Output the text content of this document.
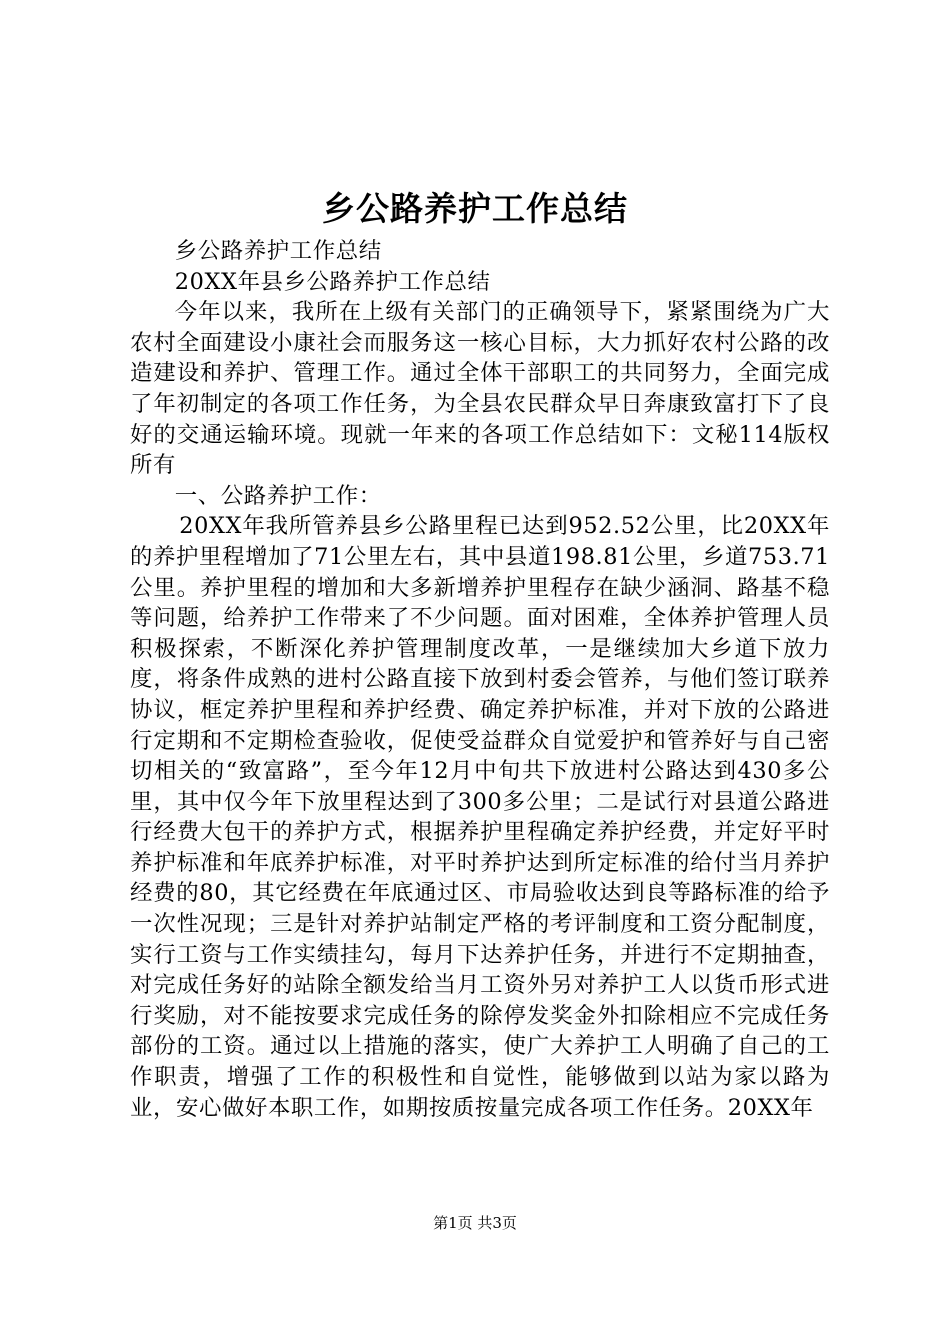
乡公路养护工作总结

乡公路养护工作总结

20XX年县乡公路养护工作总结

今年以来，我所在上级有关部门的正确领导下，紧紧围绕为广大农村全面建设小康社会而服务这一核心目标，大力抓好农村公路的改造建设和养护、管理工作。通过全体干部职工的共同努力，全面完成了年初制定的各项工作任务，为全县农民群众早日奔康致富打下了良好的交通运输环境。现就一年来的各项工作总结如下：文秘114版权所有

一、公路养护工作：

20XX年我所管养县乡公路里程已达到952.52公里，比20XX年的养护里程增加了71公里左右，其中县道198.81公里，乡道753.71公里。养护里程的增加和大多新增养护里程存在缺少涵洞、路基不稳等问题，给养护工作带来了不少问题。面对困难，全体养护管理人员积极探索，不断深化养护管理制度改革，一是继续加大乡道下放力度，将条件成熟的进村公路直接下放到村委会管养，与他们签订联养协议，框定养护里程和养护经费、确定养护标准，并对下放的公路进行定期和不定期检查验收，促使受益群众自觉爱护和管养好与自己密切相关的“致富路”，至今年12月中旬共下放进村公路达到430多公里，其中仅今年下放里程达到了300多公里；二是试行对县道公路进行经费大包干的养护方式，根据养护里程确定养护经费，并定好平时养护标准和年底养护标准，对平时养护达到所定标准的给付当月养护经费的80，其它经费在年底通过区、市局验收达到良等路标准的给予一次性况现；三是针对养护站制定严格的考评制度和工资分配制度，实行工资与工作实绩挂勾，每月下达养护任务，并进行不定期抽查，对完成任务好的站除全额发给当月工资外另对养护工人以货币形式进行奖励，对不能按要求完成任务的除停发奖金外扣除相应不完成任务部份的工资。通过以上措施的落实，使广大养护工人明确了自己的工作职责，增强了工作的积极性和自觉性，能够做到以站为家以路为业，安心做好本职工作，如期按质按量完成各项工作任务。20XX年

第1页 共3页
